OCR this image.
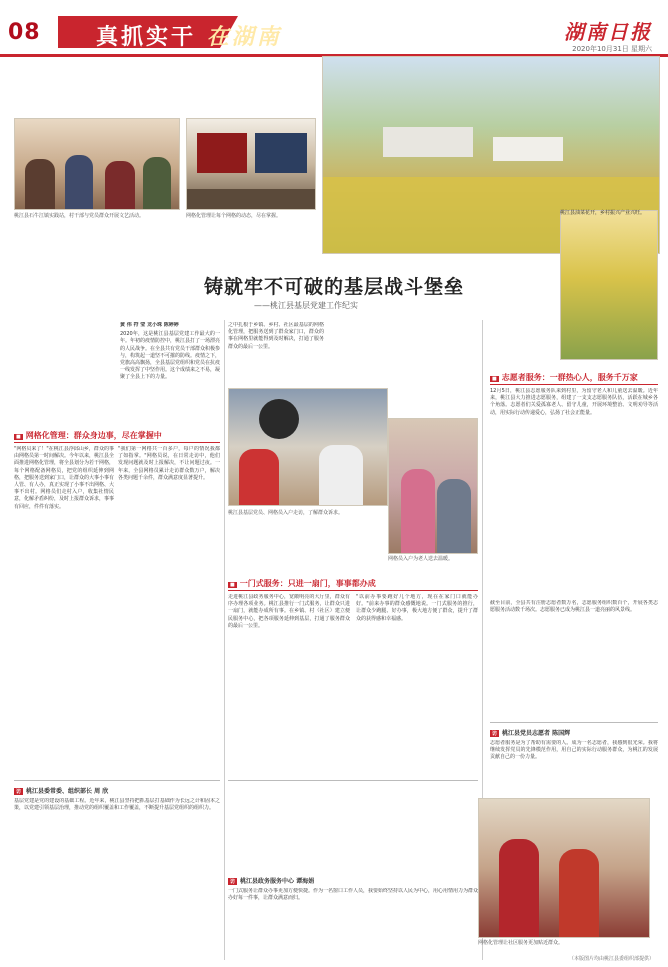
08	真抓实干 在湖南	湖南日报
2020年10月31日 星期六
桃江县石牛江镇实践站，村干部与党员群众开展文艺活动。	网格化管理让每个网格的动态，尽在掌握。	桃江县油菜花开，乡村振兴产业兴旺。
铸就牢不可破的基层战斗堡垒
——桃江县基层党建工作纪实
黄 伟 符 莹 龙小珠 陈婷婷
2020年，这是桃江县基层党建工作最大的一年。年初的疫情防控中，桃江县打了一场漂亮的人民战争。在全县共有党员干部群众积极参与，构筑起一道坚不可摧的防线。疫情之下，党旗高高飘扬，全县基层党组织和党员在抗疫一线发挥了中坚作用。这个成绩来之不易，凝聚了全县上下的力量。
之中扎根于乡镇、乡村、社区最基层的网格化管理，把服务送到了群众家门口，群众的事在网格里就能得到及时解决，打通了服务群众的最后一公里。
■ 网格化管理：群众身边事，尽在掌握中
"网格员来了！"在桃江县浮邱山乡，群众的事由网格员第一时间解决。今年以来，桃江县全面推进网格化管理，将全县划分为若干网格，每个网格配备网格员，把党的组织延伸到网格，把服务送到家门口，让群众的大事小事有人管、有人办，真正实现了小事不出网格、大事不出村。网格员们走村入户，收集社情民意，化解矛盾纠纷，及时上报群众诉求，事事有回应，件件有落实。
"我们第一网格共一百多户，每户的情况我都了如指掌。"网格员说，在日常走访中，他们发现问题就及时上报解决，不让问题过夜。一年来，全县网格员累计走访群众数万户，解决各类问题千余件，群众满意度显著提升。
桃江县基层党员、网格员入户走访，了解群众诉求。
网格员入户为老人送去温暖。
■ 一门式服务：只进一扇门，事事都办成
走进桃江县政务服务中心，宽敞明亮的大厅里，群众有序办理各项业务。桃江县推行一门式服务，让群众只进一扇门，就能办成所有事。在乡镇、村（社区）建立便民服务中心，把各项服务延伸到基层，打通了服务群众的最后一公里。
"以前办事要跑好几个地方，现在在家门口就能办好。"前来办事的群众感慨地说。一门式服务的推行，让群众少跑腿、好办事，极大地方便了群众，提升了群众的获得感和幸福感。
■ 志愿者服务：一群热心人，服务千万家
12月5日，桃江县志愿服务队来到村里，为留守老人和儿童送去温暖。近年来，桃江县大力推进志愿服务，组建了一支支志愿服务队伍，活跃在城乡各个角落。志愿者们关爱孤寡老人、留守儿童，开展环境整治、文明劝导等活动，用实际行动传递爱心，弘扬了社会正能量。
截至目前，全县共有注册志愿者数万名，志愿服务组织数百个，开展各类志愿服务活动数千场次。志愿服务已成为桃江县一道亮丽的风景线。
访 桃江县委常委、组织部长 周 欣
基层党建是党的建设的基础工程。近年来，桃江县坚持把抓基层打基础作为长远之计和固本之策，以党建引领基层治理，推动党的组织覆盖和工作覆盖，不断提升基层党组织的组织力。
访 桃江县政务服务中心 谭海娟
一门式服务让群众办事更加方便快捷。作为一名窗口工作人员，我要始终坚持以人民为中心，用心用情用力为群众办好每一件事，让群众满意而归。
访 桃江县党员志愿者 陈国辉
志愿者服务是为了帮助有需要的人。成为一名志愿者，我感到很光荣。我将继续发挥党员的先锋模范作用，用自己的实际行动服务群众，为桃江的发展贡献自己的一份力量。
网格化管理让社区服务更加贴近群众。
（本版图片均由桃江县委组织部提供）
